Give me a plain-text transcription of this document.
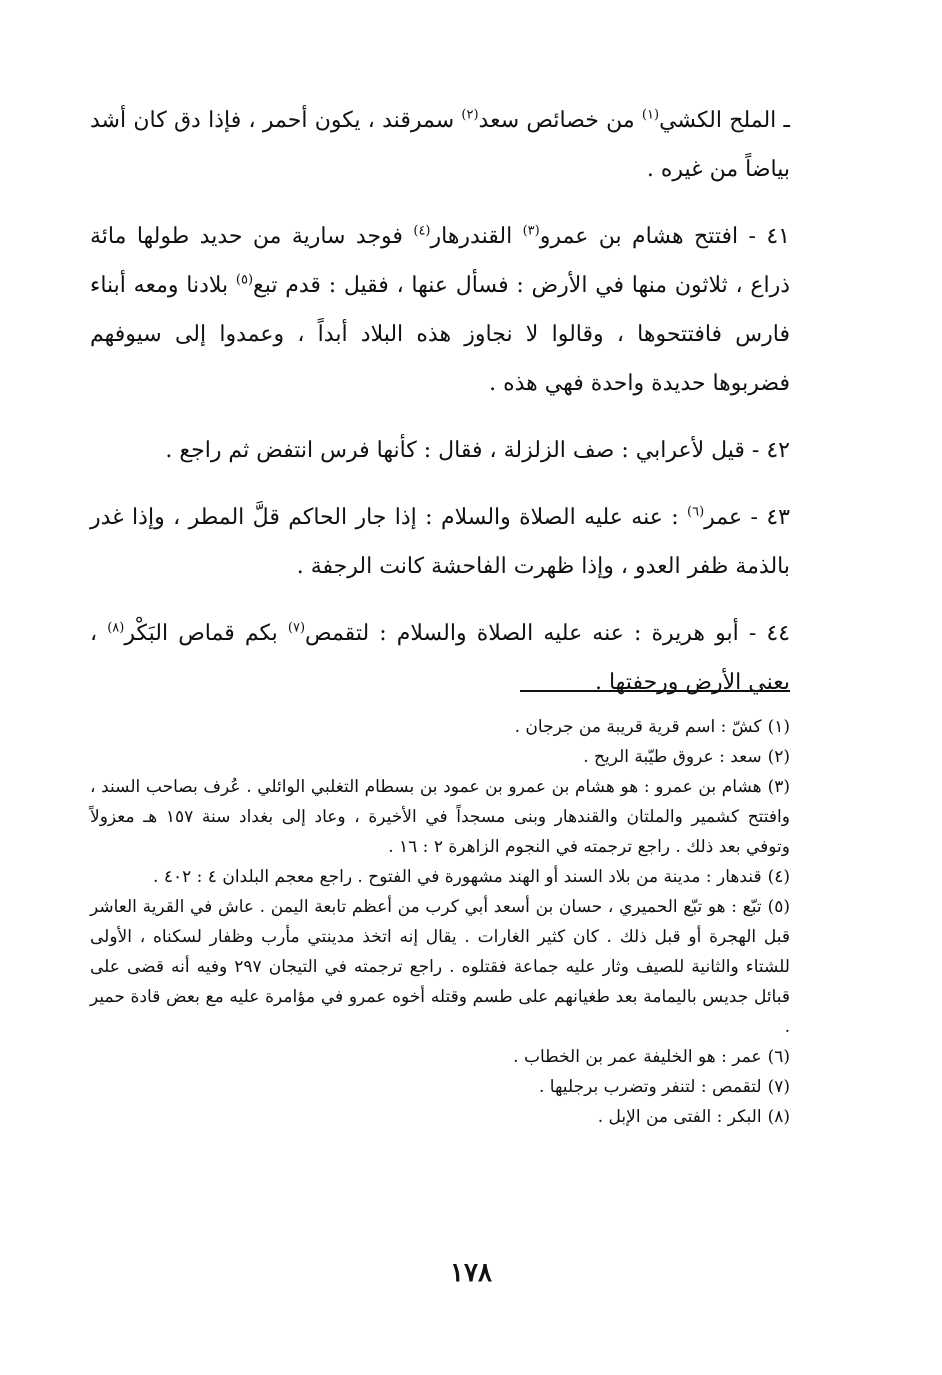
ـ الملح الكشي$^{(١)}$ من خصائص سعد$^{(٢)}$ سمرقند ، يكون أحمر ، فإذا دق كان أشد بياضاً من غيره .

٤١ - افتتح هشام بن عمرو$^{(٣)}$ القندرهار$^{(٤)}$ فوجد سارية من حديد طولها مائة ذراع ، ثلاثون منها في الأرض : فسأل عنها ، فقيل : قدم تبع$^{(٥)}$ بلادنا ومعه أبناء فارس فافتتحوها ، وقالوا لا نجاوز هذه البلاد أبداً ، وعمدوا إلى سيوفهم فضربوها حديدة واحدة فهي هذه .

٤٢ - قيل لأعرابي : صف الزلزلة ، فقال : كأنها فرس انتفض ثم راجع .

٤٣ - عمر$^{(٦)}$ : عنه عليه الصلاة والسلام : إذا جار الحاكم قلَّ المطر ، وإذا غدر بالذمة ظفر العدو ، وإذا ظهرت الفاحشة كانت الرجفة .

٤٤ - أبو هريرة : عنه عليه الصلاة والسلام : لتقمص$^{(٧)}$ بكم قماص البَكْر$^{(٨)}$ ، يعني الأرض ورجفتها .

(١)كشّ : اسم قرية قريبة من جرجان .

(٢)سعد : عروق طيّبة الريح .

(٣)هشام بن عمرو : هو هشام بن عمرو بن عمود بن بسطام التغلبي الوائلي . عُرف بصاحب السند ، وافتتح كشمير والملتان والقندهار وبنى مسجداً في الأخيرة ، وعاد إلى بغداد سنة ١٥٧ هـ معزولاً وتوفي بعد ذلك . راجع ترجمته في النجوم الزاهرة ٢ : ١٦ .

(٤)قندهار : مدينة من بلاد السند أو الهند مشهورة في الفتوح . راجع معجم البلدان ٤ : ٤٠٢ .

(٥)تبّع : هو تبّع الحميري ، حسان بن أسعد أبي كرب من أعظم تابعة اليمن . عاش في القرية العاشر قبل الهجرة أو قبل ذلك . كان كثير الغارات . يقال إنه اتخذ مدينتي مأرب وظفار لسكناه ، الأولى للشتاء والثانية للصيف وثار عليه جماعة فقتلوه . راجع ترجمته في التيجان ٢٩٧ وفيه أنه قضى على قبائل جديس باليمامة بعد طغيانهم على طسم وقتله أخوه عمرو في مؤامرة عليه مع بعض قادة حمير .

(٦)عمر : هو الخليفة عمر بن الخطاب .

(٧)لتقمص : لتنفر وتضرب برجليها .

(٨)البكر : الفتى من الإبل .

١٧٨
